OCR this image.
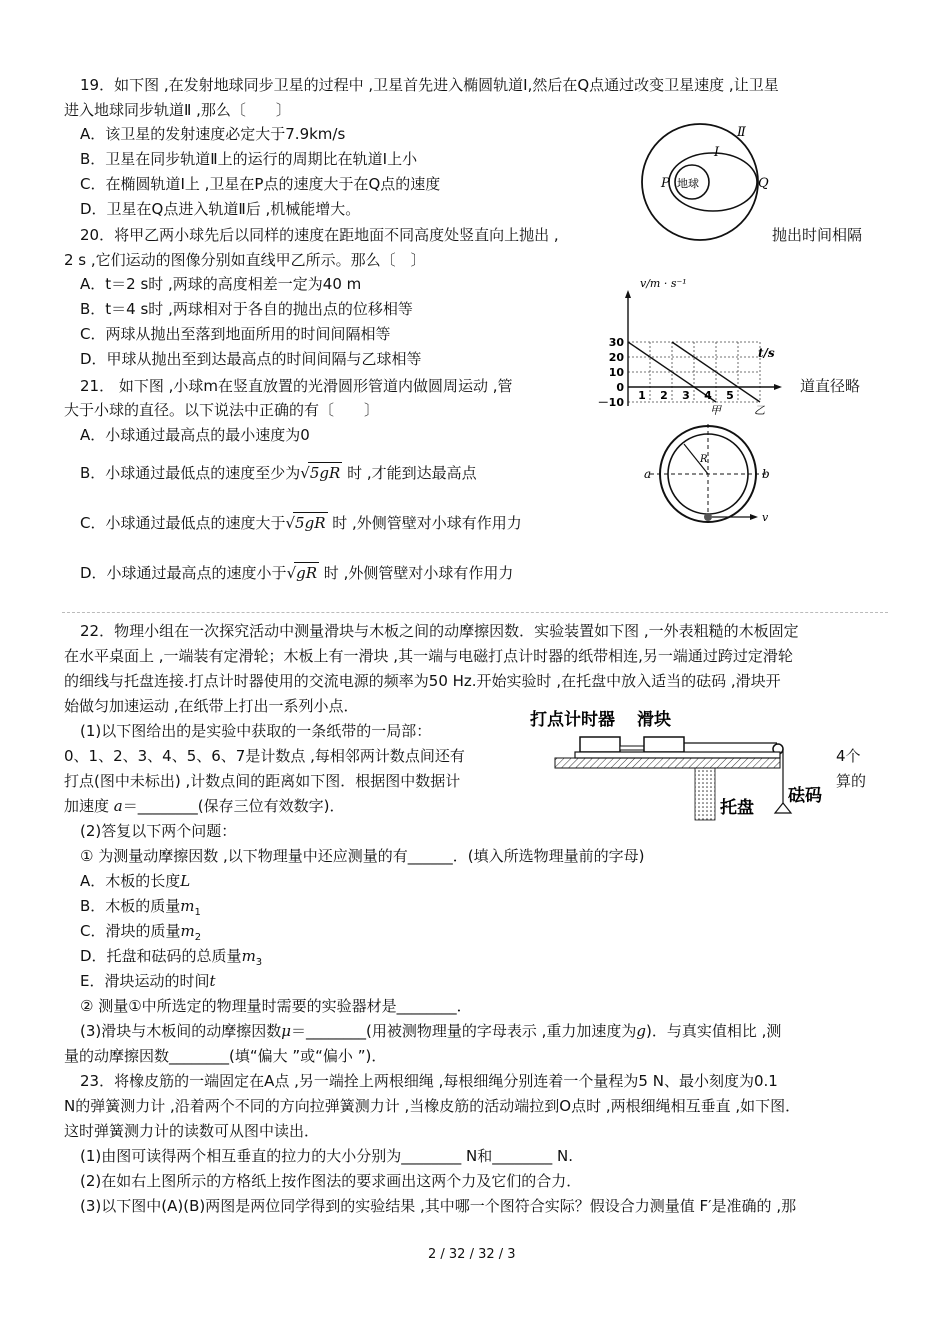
19．如下图 ,在发射地球同步卫星的过程中 ,卫星首先进入椭圆轨道Ⅰ,然后在Q点通过改变卫星速度 ,让卫星
进入地球同步轨道Ⅱ ,那么〔　　〕
A．该卫星的发射速度必定大于7.9km/s
B．卫星在同步轨道Ⅱ上的运行的周期比在轨道Ⅰ上小
C．在椭圆轨道Ⅰ上 ,卫星在P点的速度大于在Q点的速度
D．卫星在Q点进入轨道Ⅱ后 ,机械能增大。
Ⅱ
Ⅰ
P	Q
地球
20．将甲乙两小球先后以同样的速度在距地面不同高度处竖直向上抛出 ,	抛出时间相隔
2 s ,它们运动的图像分别如直线甲乙所示。那么〔　〕
A．t＝2 s时 ,两球的高度相差一定为40 m
B．t＝4 s时 ,两球相对于各自的抛出点的位移相等
C．两球从抛出至落到地面所用的时间间隔相等
D．甲球从抛出至到达最高点的时间间隔与乙球相等
甲	乙
30
20
10
0
－10
1 2 3 4 5
v/m · s⁻¹
t/s
21． 如下图 ,小球m在竖直放置的光滑圆形管道内做圆周运动 ,管	道直径略
大于小球的直径。以下说法中正确的有〔　　〕
A．小球通过最高点的最小速度为0
B．小球通过最低点的速度至少为√5gR 时 ,才能到达最高点
C．小球通过最低点的速度大于√5gR 时 ,外侧管壁对小球有作用力
D．小球通过最高点的速度小于√gR 时 ,外侧管壁对小球有作用力
a	b
R
v
22．物理小组在一次探究活动中测量滑块与木板之间的动摩擦因数．实验装置如下图 ,一外表粗糙的木板固定
在水平桌面上 ,一端装有定滑轮；木板上有一滑块 ,其一端与电磁打点计时器的纸带相连,另一端通过跨过定滑轮
的细线与托盘连接.打点计时器使用的交流电源的频率为50 Hz.开始实验时 ,在托盘中放入适当的砝码 ,滑块开
始做匀加速运动 ,在纸带上打出一系列小点．
(1)以下图给出的是实验中获取的一条纸带的一局部：
0、1、2、3、4、5、6、7是计数点 ,每相邻两计数点间还有	4个
打点(图中未标出) ,计数点间的距离如下图．根据图中数据计	算的
加速度 a＝________(保存三位有效数字)．
(2)答复以下两个问题：
① 为测量动摩擦因数 ,以下物理量中还应测量的有______．(填入所选物理量前的字母)
A．木板的长度L
B．木板的质量$m_1$
C．滑块的质量$m_2$
D．托盘和砝码的总质量$m_3$
E．滑块运动的时间t
② 测量①中所选定的物理量时需要的实验器材是________．
(3)滑块与木板间的动摩擦因数μ＝________(用被测物理量的字母表示 ,重力加速度为g)．与真实值相比 ,测
量的动摩擦因数________(填“偏大 ”或“偏小 ”)．
打点计时器 滑块
托盘
砝码
23．将橡皮筋的一端固定在A点 ,另一端拴上两根细绳 ,每根细绳分别连着一个量程为5 N、最小刻度为0.1
N的弹簧测力计 ,沿着两个不同的方向拉弹簧测力计 ,当橡皮筋的活动端拉到O点时 ,两根细绳相互垂直 ,如下图．
这时弹簧测力计的读数可从图中读出．
(1)由图可读得两个相互垂直的拉力的大小分别为________ N和________ N.
(2)在如右上图所示的方格纸上按作图法的要求画出这两个力及它们的合力．
(3)以下图中(A)(B)两图是两位同学得到的实验结果 ,其中哪一个图符合实际？假设合力测量值 F′是准确的 ,那
2 / 32 / 32 / 3
